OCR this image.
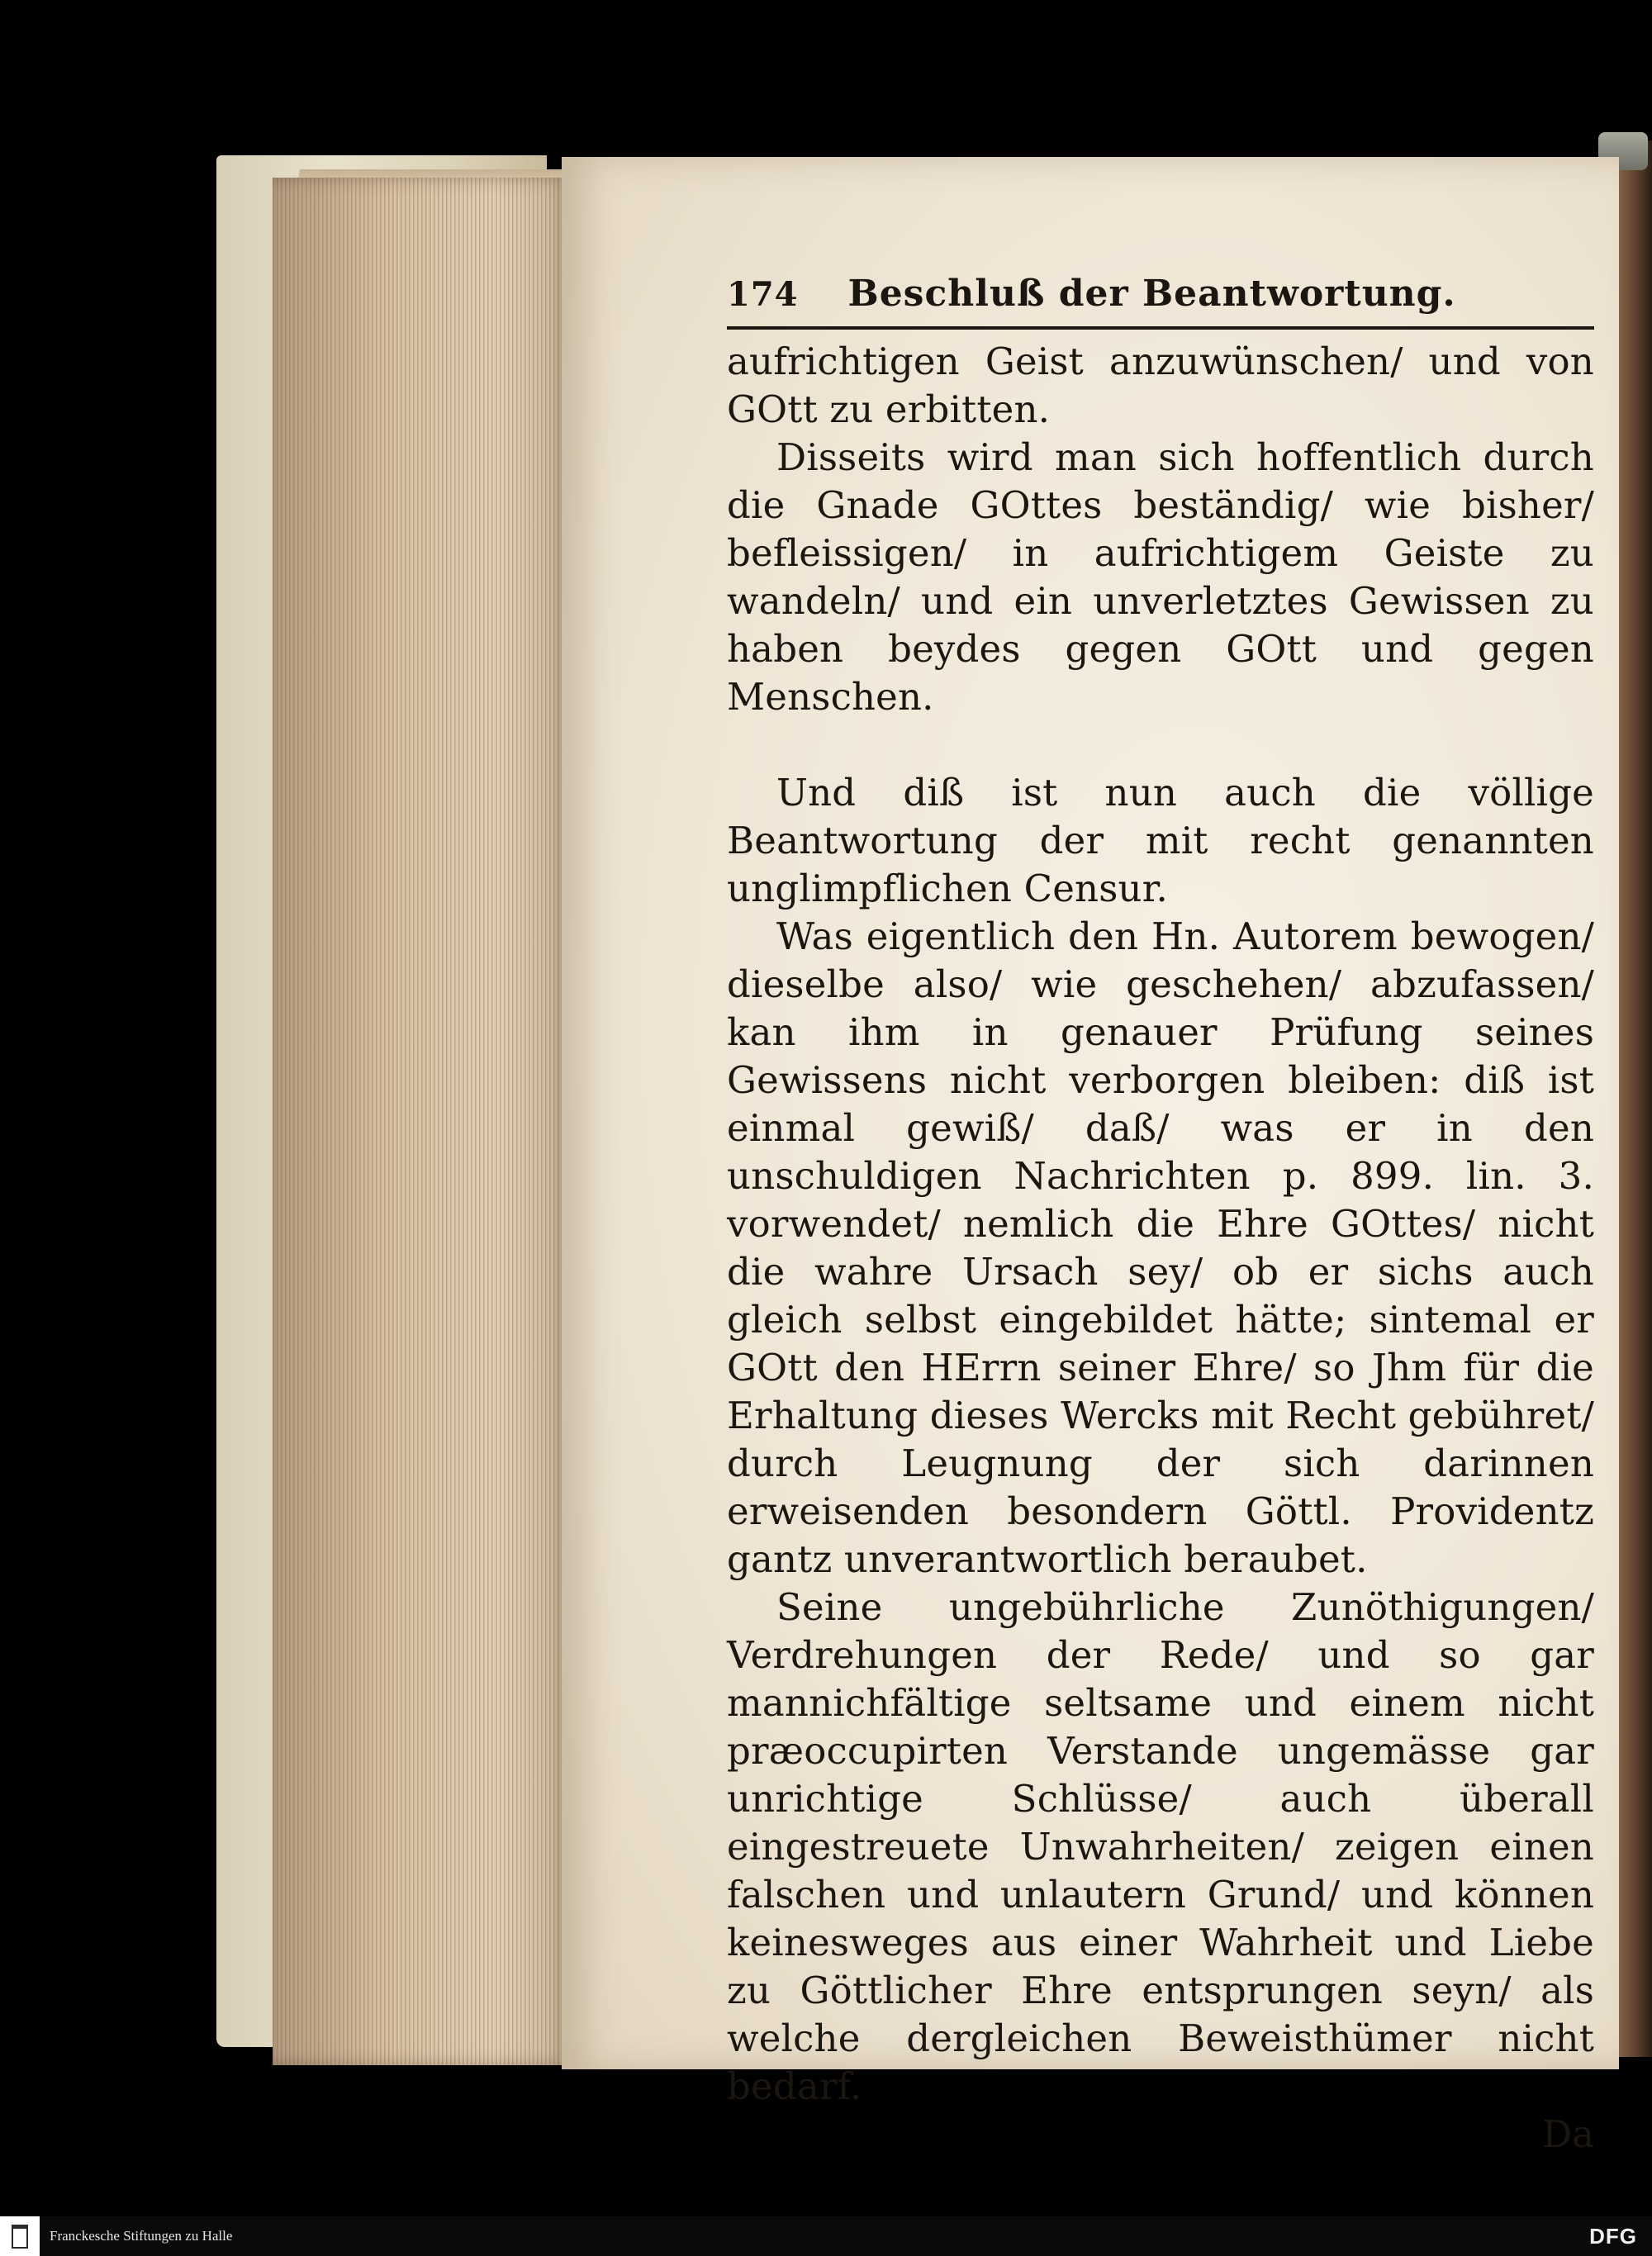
174 Beschluß der Beantwortung.

aufrichtigen Geist anzuwünschen/ und von GOtt zu erbitten.

Disseits wird man sich hoffentlich durch die Gnade GOttes beständig/ wie bisher/ befleissigen/ in aufrichtigem Geiste zu wandeln/ und ein unverletztes Gewissen zu haben beydes gegen GOtt und gegen Menschen.

Und diß ist nun auch die völlige Beantwortung der mit recht genannten unglimpflichen Censur.

Was eigentlich den Hn. Autorem bewogen/ dieselbe also/ wie geschehen/ abzufassen/ kan ihm in genauer Prüfung seines Gewissens nicht verborgen bleiben: diß ist einmal gewiß/ daß/ was er in den unschuldigen Nachrichten p. 899. lin. 3. vorwendet/ nemlich die Ehre GOttes/ nicht die wahre Ursach sey/ ob er sichs auch gleich selbst eingebildet hätte; sintemal er GOtt den HErrn seiner Ehre/ so Jhm für die Erhaltung dieses Wercks mit Recht gebühret/ durch Leugnung der sich darinnen erweisenden besondern Göttl. Providentz gantz unverantwortlich beraubet.

Seine ungebührliche Zunöthigungen/ Verdrehungen der Rede/ und so gar mannichfältige seltsame und einem nicht præoccupirten Verstande ungemässe gar unrichtige Schlüsse/ auch überall eingestreuete Unwahrheiten/ zeigen einen falschen und unlautern Grund/ und können keinesweges aus einer Wahrheit und Liebe zu Göttlicher Ehre entsprungen seyn/ als welche dergleichen Beweisthümer nicht bedarf.

Da
Franckesche Stiftungen zu Halle	DFG
